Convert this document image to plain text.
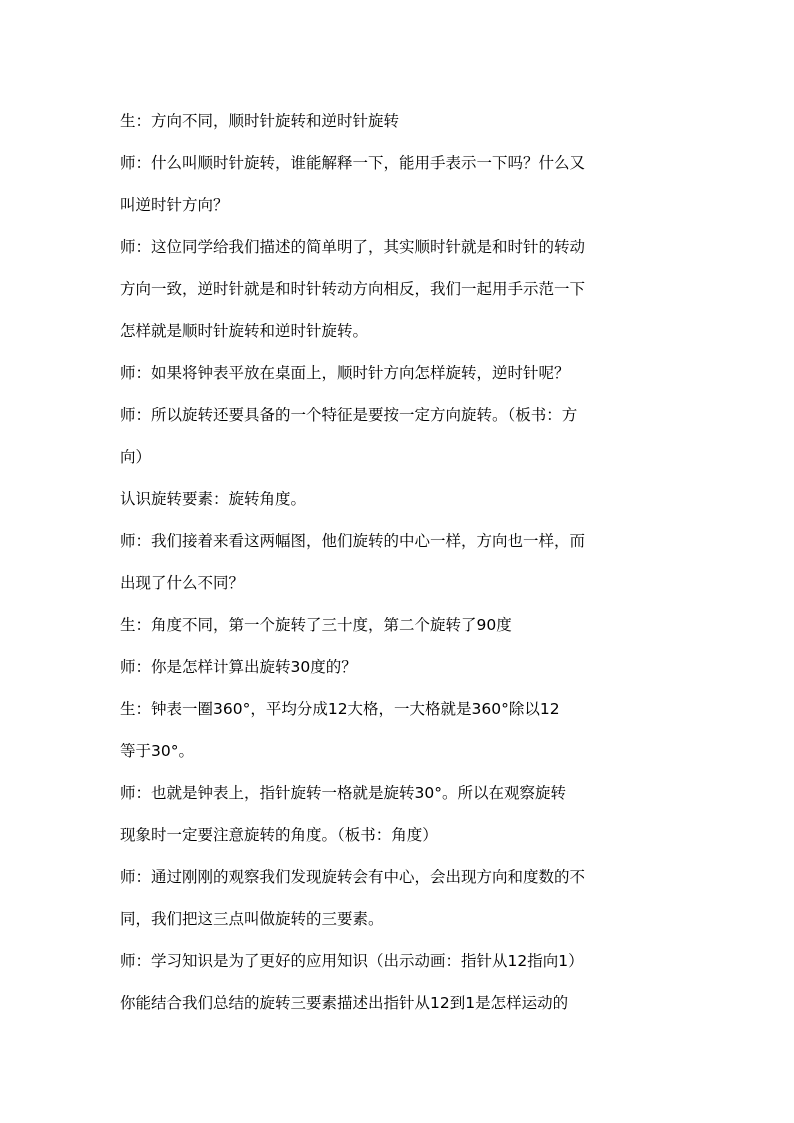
生：方向不同，顺时针旋转和逆时针旋转

师：什么叫顺时针旋转，谁能解释一下，能用手表示一下吗？什么又
叫逆时针方向？

师：这位同学给我们描述的简单明了，其实顺时针就是和时针的转动
方向一致，逆时针就是和时针转动方向相反，我们一起用手示范一下
怎样就是顺时针旋转和逆时针旋转。

师：如果将钟表平放在桌面上，顺时针方向怎样旋转，逆时针呢？

师：所以旋转还要具备的一个特征是要按一定方向旋转。（板书：方
向）

认识旋转要素：旋转角度。

师：我们接着来看这两幅图，他们旋转的中心一样，方向也一样，而
出现了什么不同？

生：角度不同，第一个旋转了三十度，第二个旋转了90度

师：你是怎样计算出旋转30度的？

生：钟表一圈360°，平均分成12大格，一大格就是360°除以12
等于30°。

师：也就是钟表上，指针旋转一格就是旋转30°。所以在观察旋转
现象时一定要注意旋转的角度。（板书：角度）

师：通过刚刚的观察我们发现旋转会有中心，会出现方向和度数的不
同，我们把这三点叫做旋转的三要素。

师：学习知识是为了更好的应用知识（出示动画：指针从12指向1）
你能结合我们总结的旋转三要素描述出指针从12到1是怎样运动的
